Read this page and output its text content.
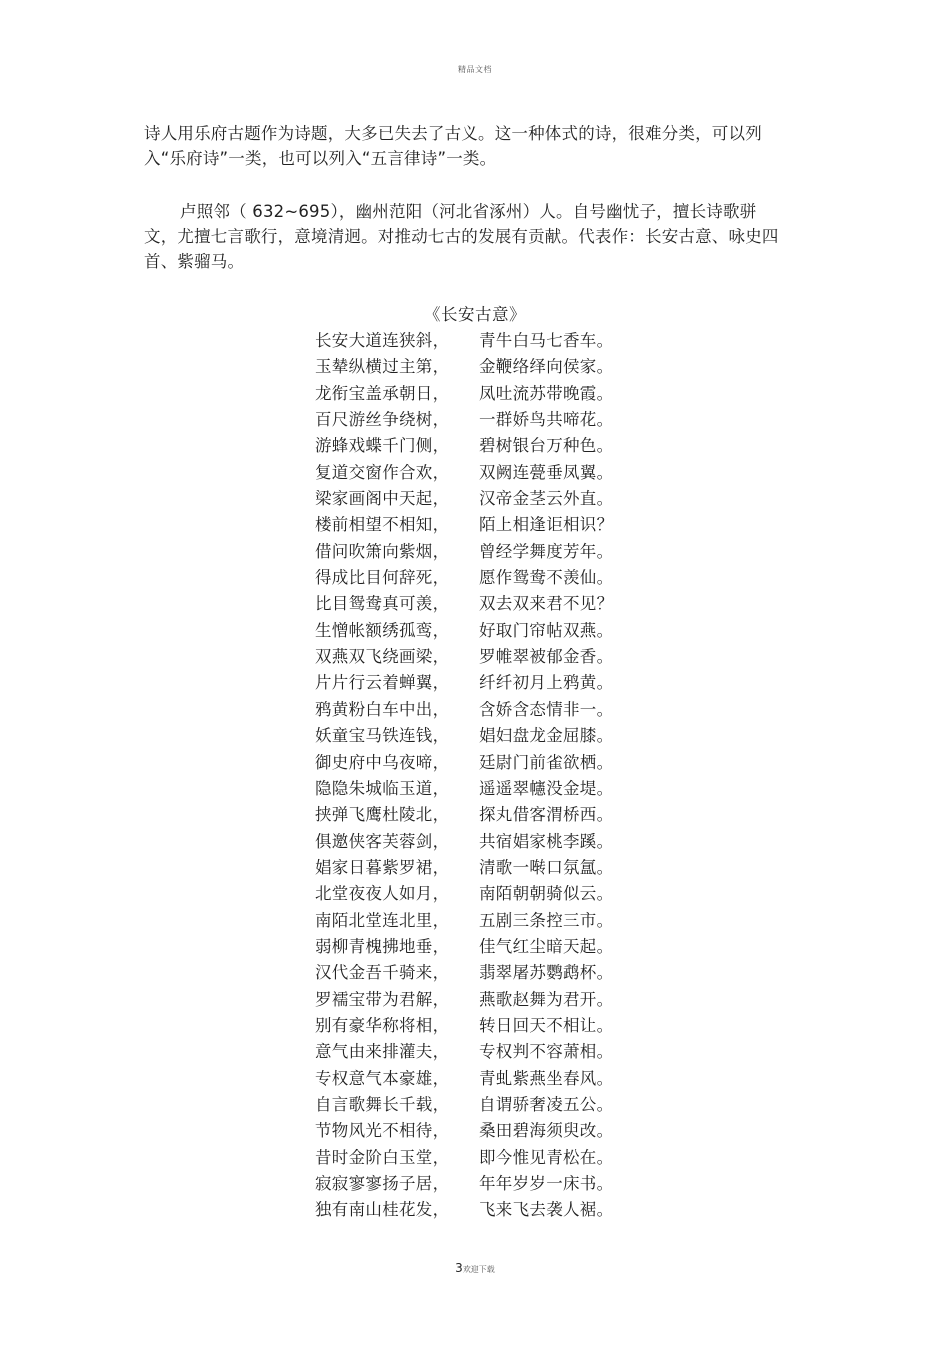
精品文档

诗人用乐府古题作为诗题，大多已失去了古义。这一种体式的诗，很难分类，可以列入“乐府诗”一类，也可以列入“五言律诗”一类。

卢照邻（ 632~695），幽州范阳（河北省涿州）人。自号幽忧子，擅长诗歌骈文，尤擅七言歌行，意境清迥。对推动七古的发展有贡献。代表作：长安古意、咏史四首、紫骝马。

《长安古意》
长安大道连狭斜，	青牛白马七香车。
玉辇纵横过主第，	金鞭络绎向侯家。
龙衔宝盖承朝日，	凤吐流苏带晚霞。
百尺游丝争绕树，	一群娇鸟共啼花。
游蜂戏蝶千门侧，	碧树银台万种色。
复道交窗作合欢，	双阙连甍垂凤翼。
梁家画阁中天起，	汉帝金茎云外直。
楼前相望不相知，	陌上相逢讵相识？
借问吹箫向紫烟，	曾经学舞度芳年。
得成比目何辞死，	愿作鸳鸯不羡仙。
比目鸳鸯真可羡，	双去双来君不见？
生憎帐额绣孤鸾，	好取门帘帖双燕。
双燕双飞绕画梁，	罗帷翠被郁金香。
片片行云着蝉翼，	纤纤初月上鸦黄。
鸦黄粉白车中出，	含娇含态情非一。
妖童宝马铁连钱，	娼妇盘龙金屈膝。
御史府中乌夜啼，	廷尉门前雀欲栖。
隐隐朱城临玉道，	遥遥翠幰没金堤。
挟弹飞鹰杜陵北，	探丸借客渭桥西。
俱邀侠客芙蓉剑，	共宿娼家桃李蹊。
娼家日暮紫罗裙，	清歌一啭口氛氲。
北堂夜夜人如月，	南陌朝朝骑似云。
南陌北堂连北里，	五剧三条控三市。
弱柳青槐拂地垂，	佳气红尘暗天起。
汉代金吾千骑来，	翡翠屠苏鹦鹉杯。
罗襦宝带为君解，	燕歌赵舞为君开。
别有豪华称将相，	转日回天不相让。
意气由来排灌夫，	专权判不容萧相。
专权意气本豪雄，	青虬紫燕坐春风。
自言歌舞长千载，	自谓骄奢凌五公。
节物风光不相待，	桑田碧海须臾改。
昔时金阶白玉堂，	即今惟见青松在。
寂寂寥寥扬子居，	年年岁岁一床书。
独有南山桂花发，	飞来飞去袭人裾。
3欢迎下载
